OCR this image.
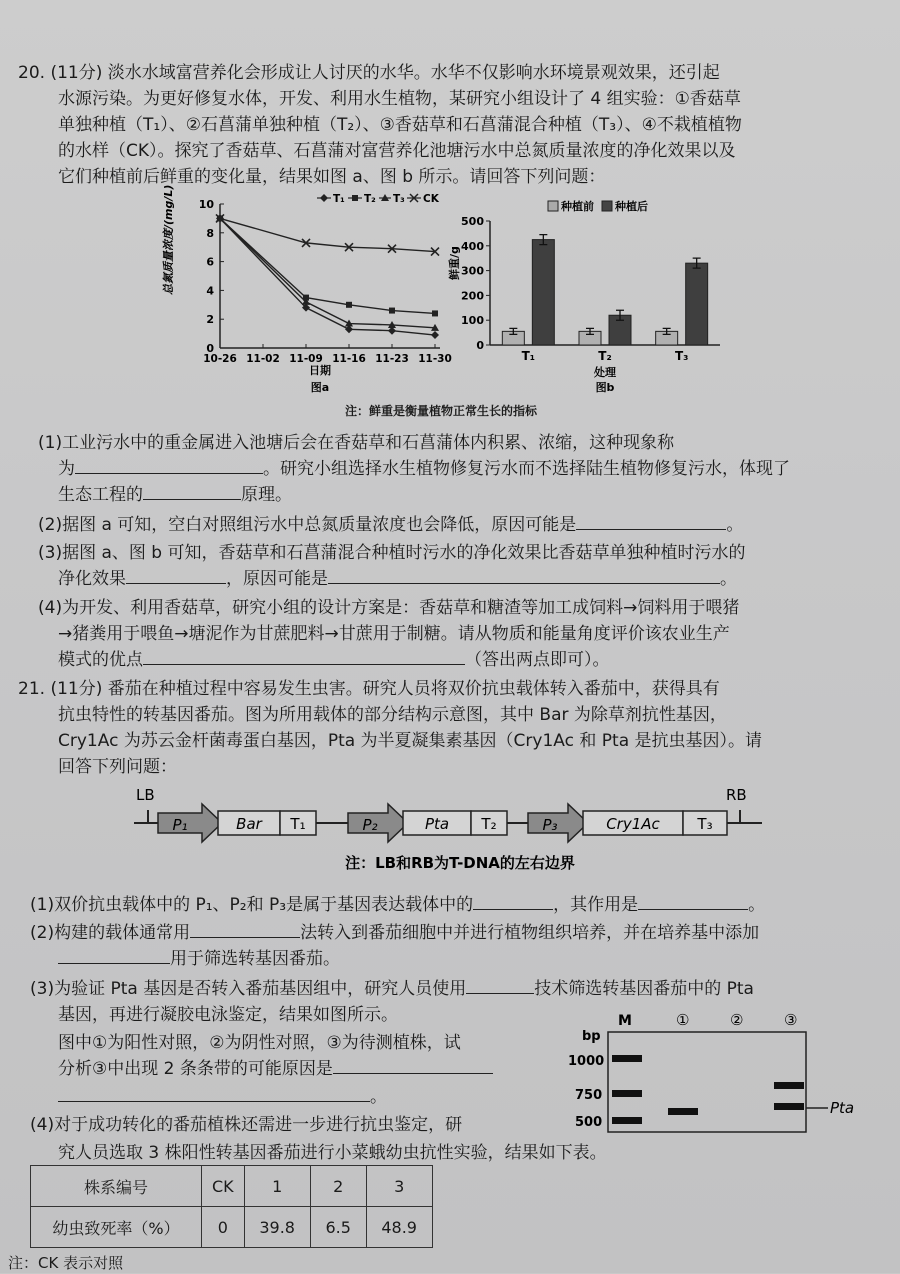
20. (11分) 淡水水域富营养化会形成让人讨厌的水华。水华不仅影响水环境景观效果，还引起
水源污染。为更好修复水体，开发、利用水生植物，某研究小组设计了 4 组实验：①香菇草
单独种植（T₁）、②石菖蒲单独种植（T₂）、③香菇草和石菖蒲混合种植（T₃）、④不栽植植物
的水样（CK）。探究了香菇草、石菖蒲对富营养化池塘污水中总氮质量浓度的净化效果以及
它们种植前后鲜重的变化量，结果如图 a、图 b 所示。请回答下列问题：
总氮质量浓度/(mg/L)
0
2
4
6
8
10
10-26 11-02 11-09 11-16 11-23 11-30
日期
图a
T₁ T₂ T₃ CK
鲜重/g
种植前 种植后
0
100
200
300
400
500
T₁	T₂	T₃
处理
图b
注：鲜重是衡量植物正常生长的指标
(1)工业污水中的重金属进入池塘后会在香菇草和石菖蒲体内积累、浓缩，这种现象称
为	。研究小组选择水生植物修复污水而不选择陆生植物修复污水，体现了
生态工程的	原理。
(2)据图 a 可知，空白对照组污水中总氮质量浓度也会降低，原因可能是	。
(3)据图 a、图 b 可知，香菇草和石菖蒲混合种植时污水的净化效果比香菇草单独种植时污水的
净化效果	，原因可能是	。
(4)为开发、利用香菇草，研究小组的设计方案是：香菇草和糖渣等加工成饲料→饲料用于喂猪
→猪粪用于喂鱼→塘泥作为甘蔗肥料→甘蔗用于制糖。请从物质和能量角度评价该农业生产
模式的优点	（答出两点即可）。
21. (11分) 番茄在种植过程中容易发生虫害。研究人员将双价抗虫载体转入番茄中，获得具有
抗虫特性的转基因番茄。图为所用载体的部分结构示意图，其中 Bar 为除草剂抗性基因，
Cry1Ac 为苏云金杆菌毒蛋白基因，Pta 为半夏凝集素基因（Cry1Ac 和 Pta 是抗虫基因）。请
回答下列问题：
LB	RB
P₁	Bar T₁	P₂	Pta T₂	P₃	Cry1Ac	T₃
注：LB和RB为T-DNA的左右边界
(1)双价抗虫载体中的 P₁、P₂和 P₃是属于基因表达载体中的	，其作用是	。
(2)构建的载体通常用	法转入到番茄细胞中并进行植物组织培养，并在培养基中添加
用于筛选转基因番茄。
(3)为验证 Pta 基因是否转入番茄基因组中，研究人员使用	技术筛选转基因番茄中的 Pta
基因，再进行凝胶电泳鉴定，结果如图所示。
图中①为阳性对照，②为阴性对照，③为待测植株，试
分析③中出现 2 条条带的可能原因是
。
(4)对于成功转化的番茄植株还需进一步进行抗虫鉴定，研
究人员选取 3 株阳性转基因番茄进行小菜蛾幼虫抗性实验，结果如下表。
bp
M	①	②	③
1000
750
500
Pta
株系编号	CK	1	2	3
幼虫致死率（%）	0	39.8	6.5	48.9
注：CK 表示对照
